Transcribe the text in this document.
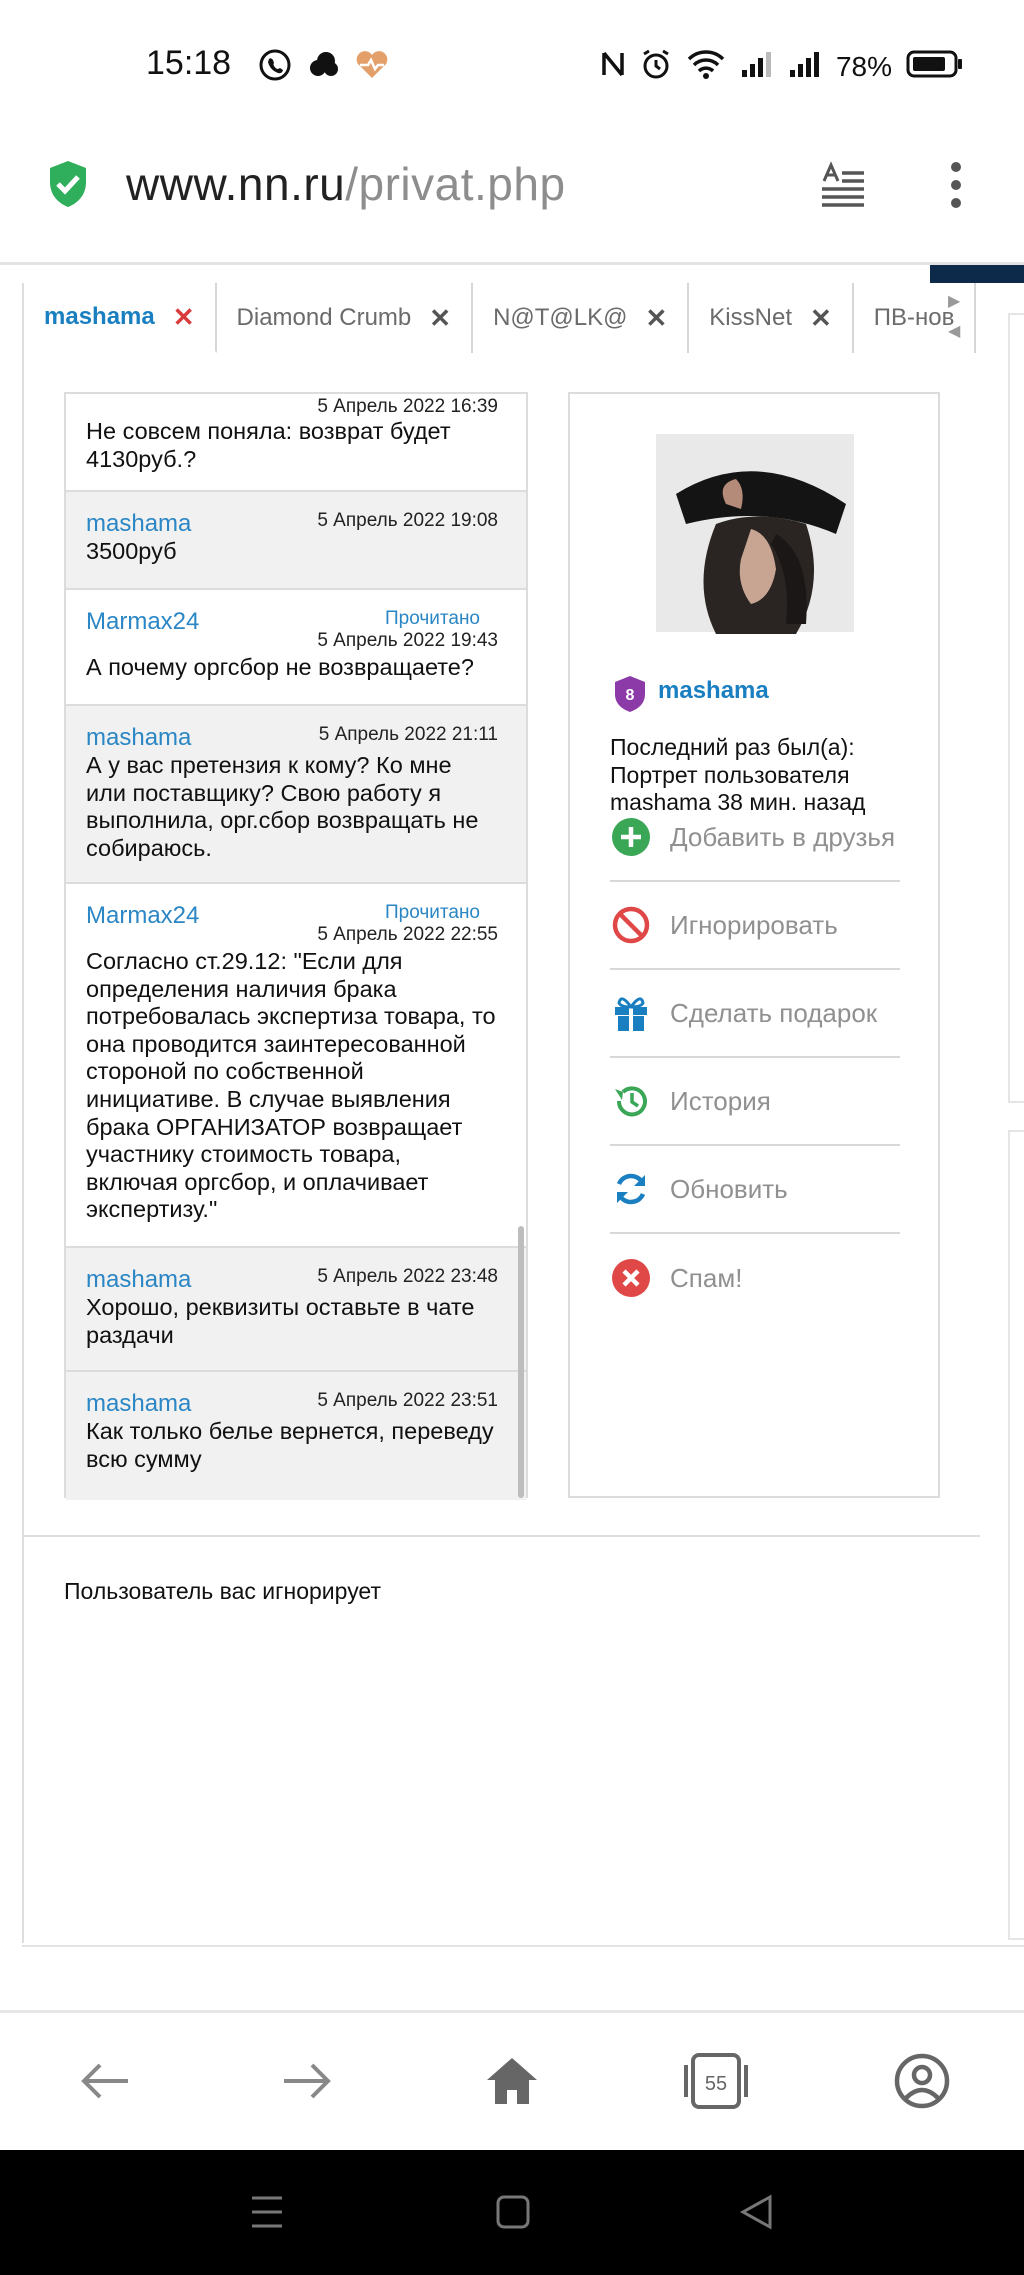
15:18	78%
www.nn.ru/privat.php
mashama ✕ Diamond Crumb ✕ N@T@LK@ ✕ KissNet ✕ ПВ-нов
▶
◀
5 Апрель 2022 16:39
Не совсем поняла: возврат будет 4130руб.?
mashama	5 Апрель 2022 19:08
3500руб
Marmax24	Прочитано
5 Апрель 2022 19:43
А почему оргсбор не возвращаете?
mashama	5 Апрель 2022 21:11
А у вас претензия к кому? Ко мне или поставщику? Свою работу я выполнила, орг.сбор возвращать не собираюсь.
Marmax24	Прочитано
5 Апрель 2022 22:55
Согласно ст.29.12: "Если для определения наличия брака потребовалась экспертиза товара, то она проводится заинтересованной стороной по собственной инициативе. В случае выявления брака ОРГАНИЗАТОР возвращает участнику стоимость товара, включая оргсбор, и оплачивает экспертизу."
mashama	5 Апрель 2022 23:48
Хорошо, реквизиты оставьте в чате раздачи
mashama	5 Апрель 2022 23:51
Как только белье вернется, переведу всю сумму
8 mashama
Последний раз был(а): Портрет пользователя mashama 38 мин. назад
Добавить в друзья
Игнорировать
Сделать подарок
История
Обновить
Спам!
Пользователь вас игнорирует
55
